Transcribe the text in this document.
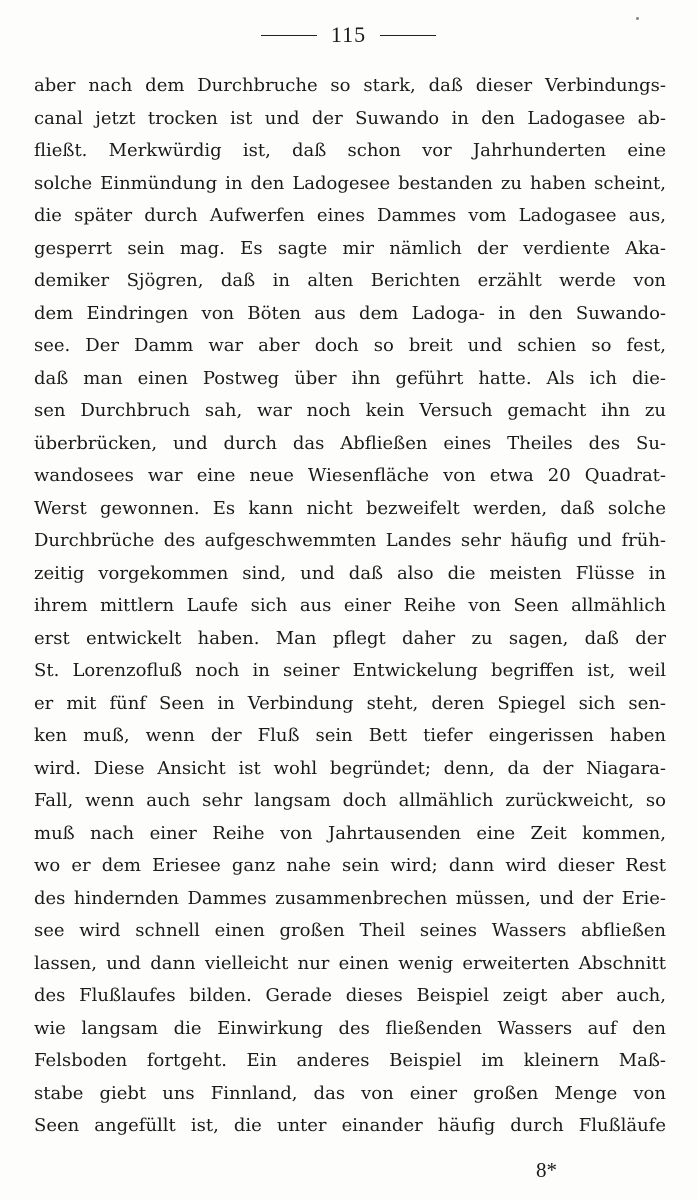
115
aber nach dem Durchbruche so stark, daß dieser Verbindungs-
canal jetzt trocken ist und der Suwando in den Ladogasee ab-
fließt. Merkwürdig ist, daß schon vor Jahrhunderten eine
solche Einmündung in den Ladogesee bestanden zu haben scheint,
die später durch Aufwerfen eines Dammes vom Ladogasee aus,
gesperrt sein mag. Es sagte mir nämlich der verdiente Aka-
demiker Sjögren, daß in alten Berichten erzählt werde von
dem Eindringen von Böten aus dem Ladoga- in den Suwando-
see. Der Damm war aber doch so breit und schien so fest,
daß man einen Postweg über ihn geführt hatte. Als ich die-
sen Durchbruch sah, war noch kein Versuch gemacht ihn zu
überbrücken, und durch das Abfließen eines Theiles des Su-
wandosees war eine neue Wiesenfläche von etwa 20 Quadrat-
Werst gewonnen. Es kann nicht bezweifelt werden, daß solche
Durchbrüche des aufgeschwemmten Landes sehr häufig und früh-
zeitig vorgekommen sind, und daß also die meisten Flüsse in
ihrem mittlern Laufe sich aus einer Reihe von Seen allmählich
erst entwickelt haben. Man pflegt daher zu sagen, daß der
St. Lorenzofluß noch in seiner Entwickelung begriffen ist, weil
er mit fünf Seen in Verbindung steht, deren Spiegel sich sen-
ken muß, wenn der Fluß sein Bett tiefer eingerissen haben
wird. Diese Ansicht ist wohl begründet; denn, da der Niagara-
Fall, wenn auch sehr langsam doch allmählich zurückweicht, so
muß nach einer Reihe von Jahrtausenden eine Zeit kommen,
wo er dem Eriesee ganz nahe sein wird; dann wird dieser Rest
des hindernden Dammes zusammenbrechen müssen, und der Erie-
see wird schnell einen großen Theil seines Wassers abfließen
lassen, und dann vielleicht nur einen wenig erweiterten Abschnitt
des Flußlaufes bilden. Gerade dieses Beispiel zeigt aber auch,
wie langsam die Einwirkung des fließenden Wassers auf den
Felsboden fortgeht. Ein anderes Beispiel im kleinern Maß-
stabe giebt uns Finnland, das von einer großen Menge von
Seen angefüllt ist, die unter einander häufig durch Flußläufe
8*
